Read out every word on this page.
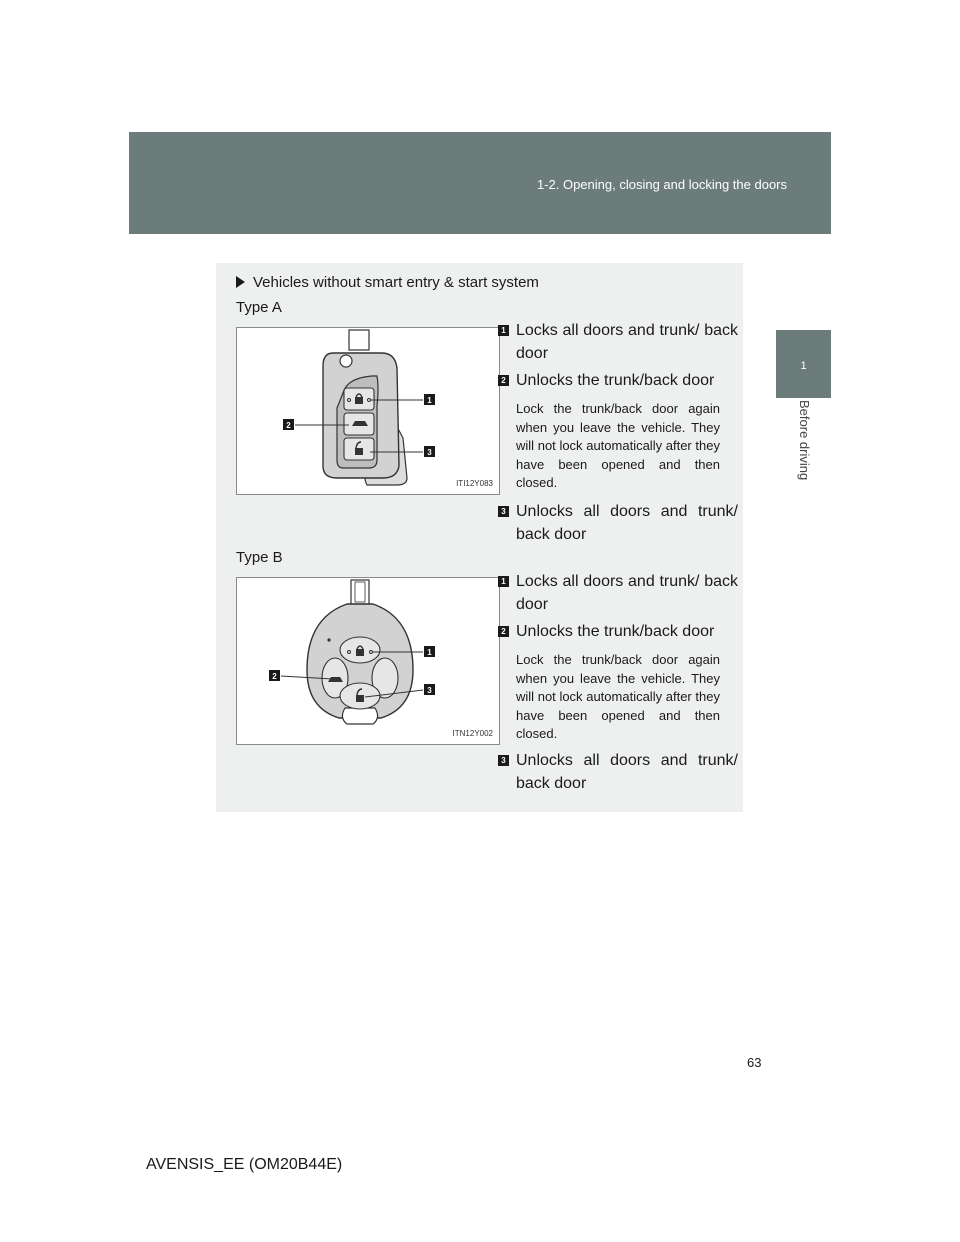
1-2. Opening, closing and locking the doors
1
Before driving
Vehicles without smart entry & start system
Type A
1
2
3
ITI12Y083
1 Locks all doors and trunk/ back door
2 Unlocks the trunk/back door
Lock the trunk/back door again when you leave the vehicle. They will not lock automatically after they have been opened and then closed.
3 Unlocks all doors and trunk/ back door
Type B
1
2
3
ITN12Y002
1 Locks all doors and trunk/ back door
2 Unlocks the trunk/back door
Lock the trunk/back door again when you leave the vehicle. They will not lock automatically after they have been opened and then closed.
3 Unlocks all doors and trunk/ back door
63
AVENSIS_EE (OM20B44E)
